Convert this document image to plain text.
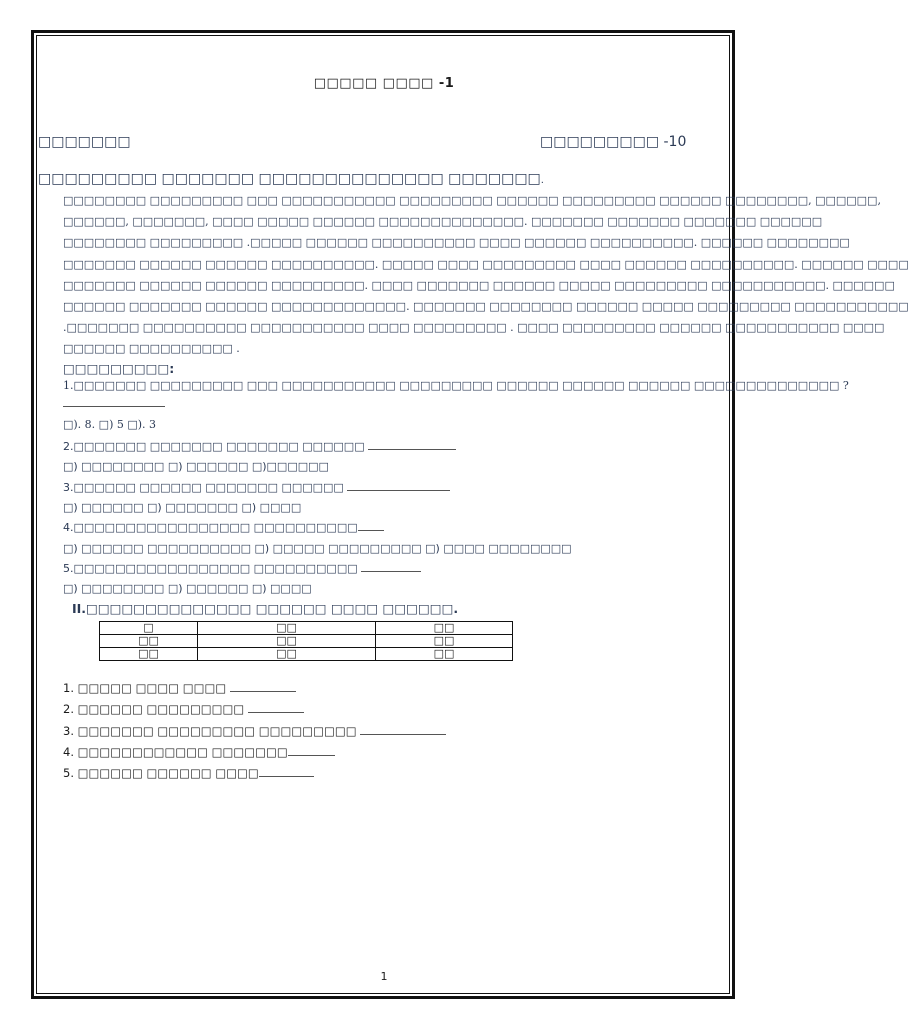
□□□□□ □□□□ -1
□□□□□□□	□□□□□□□□□ -10
□□□□□□□□□ □□□□□□□ □□□□□□□□□□□□□□ □□□□□□□.
□□□□□□□□ □□□□□□□□□ □□□ □□□□□□□□□□□ □□□□□□□□□ □□□□□□ □□□□□□□□□ □□□□□□ □□□□□□□□, □□□□□□,
□□□□□□, □□□□□□□, □□□□ □□□□□ □□□□□□ □□□□□□□□□□□□□□. □□□□□□□ □□□□□□□ □□□□□□□ □□□□□□
□□□□□□□□ □□□□□□□□□ .□□□□□ □□□□□□ □□□□□□□□□□ □□□□ □□□□□□ □□□□□□□□□□. □□□□□□ □□□□□□□□
□□□□□□□ □□□□□□ □□□□□□ □□□□□□□□□□. □□□□□ □□□□ □□□□□□□□□ □□□□ □□□□□□ □□□□□□□□□□. □□□□□□ □□□□
□□□□□□□ □□□□□□ □□□□□□ □□□□□□□□□. □□□□ □□□□□□□ □□□□□□ □□□□□ □□□□□□□□□ □□□□□□□□□□□. □□□□□□
□□□□□□ □□□□□□□ □□□□□□ □□□□□□□□□□□□□. □□□□□□□ □□□□□□□□ □□□□□□ □□□□□ □□□□□□□□□ □□□□□□□□□□□
.□□□□□□□ □□□□□□□□□□ □□□□□□□□□□□ □□□□ □□□□□□□□□ . □□□□ □□□□□□□□□ □□□□□□ □□□□□□□□□□□ □□□□
□□□□□□ □□□□□□□□□□ .
□□□□□□□□□:
1.□□□□□□□ □□□□□□□□□ □□□ □□□□□□□□□□□ □□□□□□□□□ □□□□□□ □□□□□□ □□□□□□ □□□□□□□□□□□□□□ ?
□). 8. □) 5 □). 3
2.□□□□□□□ □□□□□□□ □□□□□□□ □□□□□□
□) □□□□□□□□ □) □□□□□□ □)□□□□□□
3.□□□□□□ □□□□□□ □□□□□□□ □□□□□□
□) □□□□□□ □) □□□□□□□ □) □□□□
4.□□□□□□□□□□□□□□□□□ □□□□□□□□□□
□) □□□□□□ □□□□□□□□□□ □) □□□□□ □□□□□□□□□ □) □□□□ □□□□□□□□
5.□□□□□□□□□□□□□□□□□ □□□□□□□□□□
□) □□□□□□□□ □) □□□□□□ □) □□□□
II.□□□□□□□□□□□□□□ □□□□□□ □□□□ □□□□□□.
□	□□	□□
□□	□□	□□
□□	□□	□□
1. □□□□□ □□□□ □□□□
2. □□□□□□ □□□□□□□□□
3. □□□□□□□ □□□□□□□□□ □□□□□□□□□
4. □□□□□□□□□□□□ □□□□□□□
5. □□□□□□ □□□□□□ □□□□
1
